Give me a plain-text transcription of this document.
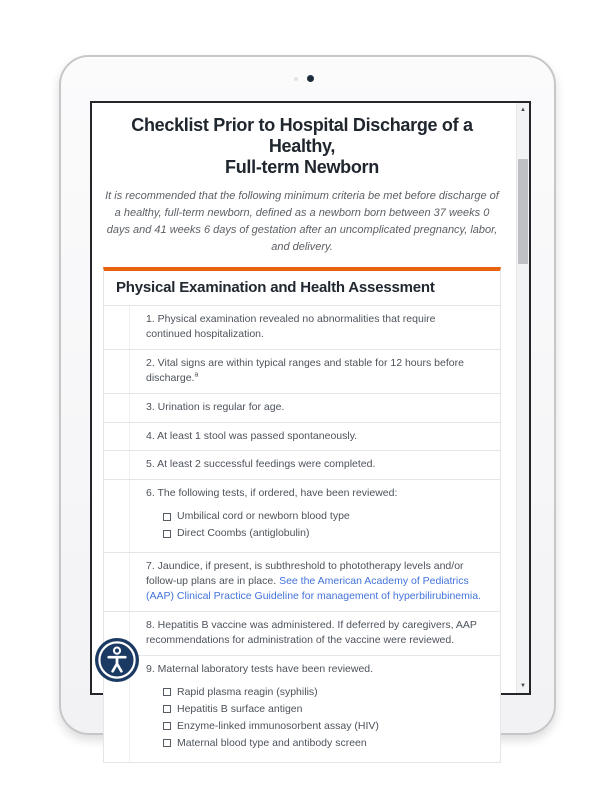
Checklist Prior to Hospital Discharge of a Healthy,
Full-term Newborn
It is recommended that the following minimum criteria be met before discharge of a healthy, full-term newborn, defined as a newborn born between 37 weeks 0 days and 41 weeks 6 days of gestation after an uncomplicated pregnancy, labor, and delivery.
Physical Examination and Health Assessment
1. Physical examination revealed no abnormalities that require continued hospitalization.
2. Vital signs are within typical ranges and stable for 12 hours before discharge.$^a$
3. Urination is regular for age.
4. At least 1 stool was passed spontaneously.
5. At least 2 successful feedings were completed.
6. The following tests, if ordered, have been reviewed:
Umbilical cord or newborn blood type
Direct Coombs (antiglobulin)
7. Jaundice, if present, is subthreshold to phototherapy levels and/or follow-up plans are in place. See the American Academy of Pediatrics (AAP) Clinical Practice Guideline for management of hyperbilirubinemia.
8. Hepatitis B vaccine was administered. If deferred by caregivers, AAP recommendations for administration of the vaccine were reviewed.
9. Maternal laboratory tests have been reviewed.
Rapid plasma reagin (syphilis)
Hepatitis B surface antigen
Enzyme-linked immunosorbent assay (HIV)
Maternal blood type and antibody screen
▲
▼
